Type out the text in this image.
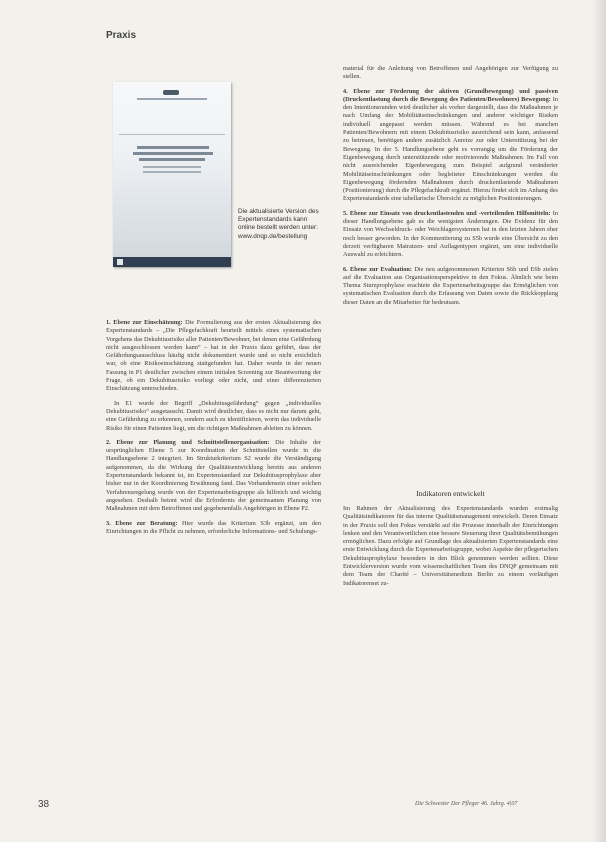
Praxis
Die aktualisierte Version des Expertenstandards kann online bestellt werden unter: www.dnqp.de/bestellung

1. Ebene zur Einschätzung: Die Formulierung aus der ersten Aktualisierung des Expertenstandards – „Die Pflegefachkraft beurteilt mittels eines systematischen Vorgehens das Dekubitusrisiko aller Patienten/Bewohner, bei denen eine Gefährdung nicht ausgeschlossen werden kann“ – hat in der Praxis dazu geführt, dass der Gefährdungsausschluss häufig nicht dokumentiert wurde und so nicht ersichtlich war, ob eine Risikoeinschätzung stattgefunden hat. Daher wurde in der neuen Fassung in P1 deutlicher zwischen einem initialen Screening zur Beantwortung der Frage, ob ein Dekubitusrisiko vorliegt oder nicht, und einer differenzierten Einschätzung unterschieden.

In E1 wurde der Begriff „Dekubitusgefährdung“ gegen „individuelles Dekubitusrisiko“ ausgetauscht. Damit wird deutlicher, dass es nicht nur darum geht, eine Gefährdung zu erkennen, sondern auch zu identifizieren, worin das individuelle Risiko für einen Patienten liegt, um die richtigen Maßnahmen ableiten zu können.

2. Ebene zur Planung und Schnittstellenorganisation: Die Inhalte der ursprünglichen Ebene 5 zur Koordination der Schnittstellen wurde in die Handlungsebene 2 integriert. Im Strukturkriterium S2 wurde die Verständigung aufgenommen, da die Wirkung der Qualitätsentwicklung bereits aus anderen Expertenstandards bekannt ist, im Expertenstandard zur Dekubitusprophylaxe aber bisher nur in der Koordinierung Erwähnung fand. Das Vorhandensein einer solchen Verfahrensregelung wurde von der Expertenarbeitsgruppe als hilfreich und wichtig angesehen. Deshalb betont wird die Erfordernis der gemeinsamen Planung von Maßnahmen mit dem Betroffenen und gegebenenfalls Angehörigen in Ebene P2.

3. Ebene zur Beratung: Hier wurde das Kriterium S3b ergänzt, um den Einrichtungen in die Pflicht zu nehmen, erforderliche Informations- und Schulungs-

material für die Anleitung von Betroffenen und Angehörigen zur Verfügung zu stellen.

4. Ebene zur Förderung der aktiven (Grundbewegung) und passiven (Druckentlastung durch die Bewegung des Patienten/Bewohners) Bewegung: In den Intentionsrunden wird deutlicher als vorher dargestellt, dass die Maßnahmen je nach Umfang der Mobilitätseinschränkungen und anderer wichtiger Risiken individuell angepasst werden müssen. Während es bei manchen Patienten/Bewohnern mit einem Dekubitusrisiko ausreichend sein kann, anfassend zu betreuen, benötigen andere zusätzlich Anreize zur oder Unterstützung bei der Bewegung. In der 5. Handlungsebene geht es vorrangig um die Förderung der Eigenbewegung durch unterstützende oder motivierende Maßnahmen. Im Fall von nicht ausreichender Eigenbewegung zum Beispiel aufgrund veränderter Mobilitätseinschränkungen oder begleiteter Einschränkungen werden die Eigenbewegung fördernden Maßnahmen durch druckentlastende Maßnahmen (Positionierung) durch die Pflegefachkraft ergänzt. Hierzu findet sich im Anhang des Expertenstandards eine tabellarische Übersicht zu möglichen Positionierungen.

5. Ebene zur Einsatz von druckentlastenden und -verteilenden Hilfsmitteln: In dieser Handlungsebene gab es die wenigsten Änderungen. Die Evidenz für den Einsatz von Wechseldruck- oder Weichlagersystemen hat in den letzten Jahren eher noch besser geworden. In der Kommentierung zu S5b wurde eine Übersicht zu den derzeit verfügbaren Matratzen- und Auflagentypen ergänzt, um eine individuelle Auswahl zu erleichtern.

6. Ebene zur Evaluation: Die neu aufgenommenen Kriterien S6b und E6b zielen auf die Evaluation aus Organisationsperspektive in den Fokus. Ähnlich wie beim Thema Sturzprophylaxe erachtete die Expertenarbeitsgruppe das Ermöglichen von systematischen Evaluation durch die Erfassung von Daten sowie die Rückkopplung dieser Daten an die Mitarbeiter für bedeutsam.

Indikatoren entwickelt

Im Rahmen der Aktualisierung des Expertenstandards wurden erstmalig Qualitätsindikatoren für das interne Qualitätsmanagement entwickelt. Deren Einsatz in der Praxis soll den Fokus verstärkt auf die Prozesse innerhalb der Einrichtungen lenken und den Verantwortlichen eine bessere Steuerung ihrer Qualitätsbemühungen ermöglichen. Dazu erfolgte auf Grundlage des aktualisierten Expertenstandards eine erste Entwicklung durch die Expertenarbeitsgruppe, wobei Aspekte der pflegerischen Dekubitusprophylaxe besonders in den Blick genommen werden sollten. Diese Entwicklerversion wurde vom wissenschaftlichen Team des DNQP gemeinsam mit dem Team der Charité – Universitätsmedizin Berlin zu einem vorläufigen Indikatorenset zu-

38	Die Schwester Der Pfleger 46. Jahrg. 4|07
